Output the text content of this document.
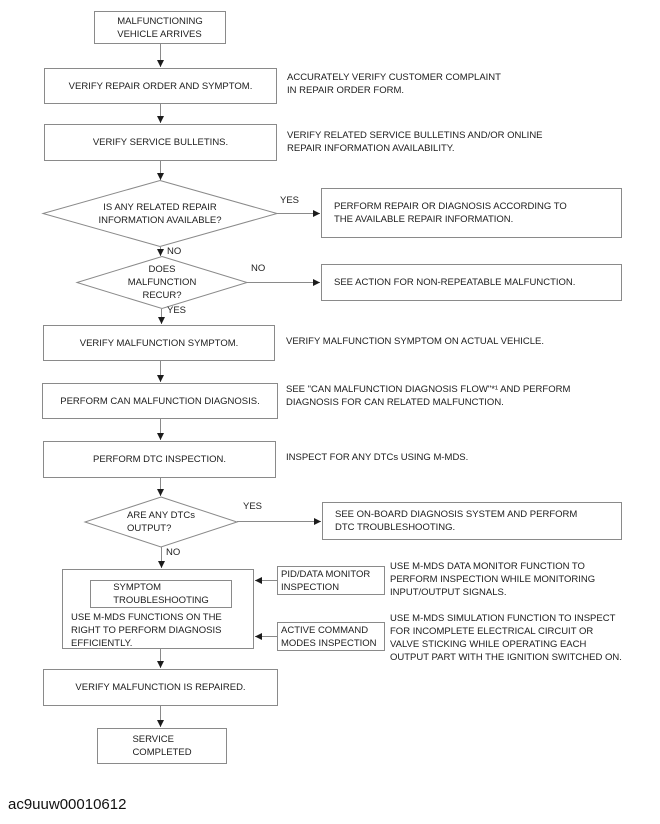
MALFUNCTIONING
VEHICLE ARRIVES
VERIFY REPAIR ORDER AND SYMPTOM.
VERIFY SERVICE BULLETINS.
VERIFY MALFUNCTION SYMPTOM.
PERFORM CAN MALFUNCTION DIAGNOSIS.
PERFORM DTC INSPECTION.
SYMPTOM
TROUBLESHOOTING
USE M-MDS FUNCTIONS ON THE
RIGHT TO PERFORM DIAGNOSIS
EFFICIENTLY.
VERIFY MALFUNCTION IS REPAIRED.
SERVICE
COMPLETED
PERFORM REPAIR OR DIAGNOSIS ACCORDING TO
THE AVAILABLE REPAIR INFORMATION.
SEE ACTION FOR NON-REPEATABLE MALFUNCTION.
SEE ON-BOARD DIAGNOSIS SYSTEM AND PERFORM
DTC TROUBLESHOOTING.
PID/DATA MONITOR
INSPECTION
ACTIVE COMMAND
MODES INSPECTION
IS ANY RELATED REPAIR
INFORMATION AVAILABLE?
DOES
MALFUNCTION
RECUR?
ARE ANY DTCs
OUTPUT?
YES
NO
NO
YES
YES
NO
ACCURATELY VERIFY CUSTOMER COMPLAINT
IN REPAIR ORDER FORM.
VERIFY RELATED SERVICE BULLETINS AND/OR ONLINE
REPAIR INFORMATION AVAILABILITY.
VERIFY MALFUNCTION SYMPTOM ON ACTUAL VEHICLE.
SEE "CAN MALFUNCTION DIAGNOSIS FLOW"*¹ AND PERFORM
DIAGNOSIS FOR CAN RELATED MALFUNCTION.
INSPECT FOR ANY DTCs USING M-MDS.
USE M-MDS DATA MONITOR FUNCTION TO
PERFORM INSPECTION WHILE MONITORING
INPUT/OUTPUT SIGNALS.
USE M-MDS SIMULATION FUNCTION TO INSPECT
FOR INCOMPLETE ELECTRICAL CIRCUIT OR
VALVE STICKING WHILE OPERATING EACH
OUTPUT PART WITH THE IGNITION SWITCHED ON.
ac9uuw00010612
